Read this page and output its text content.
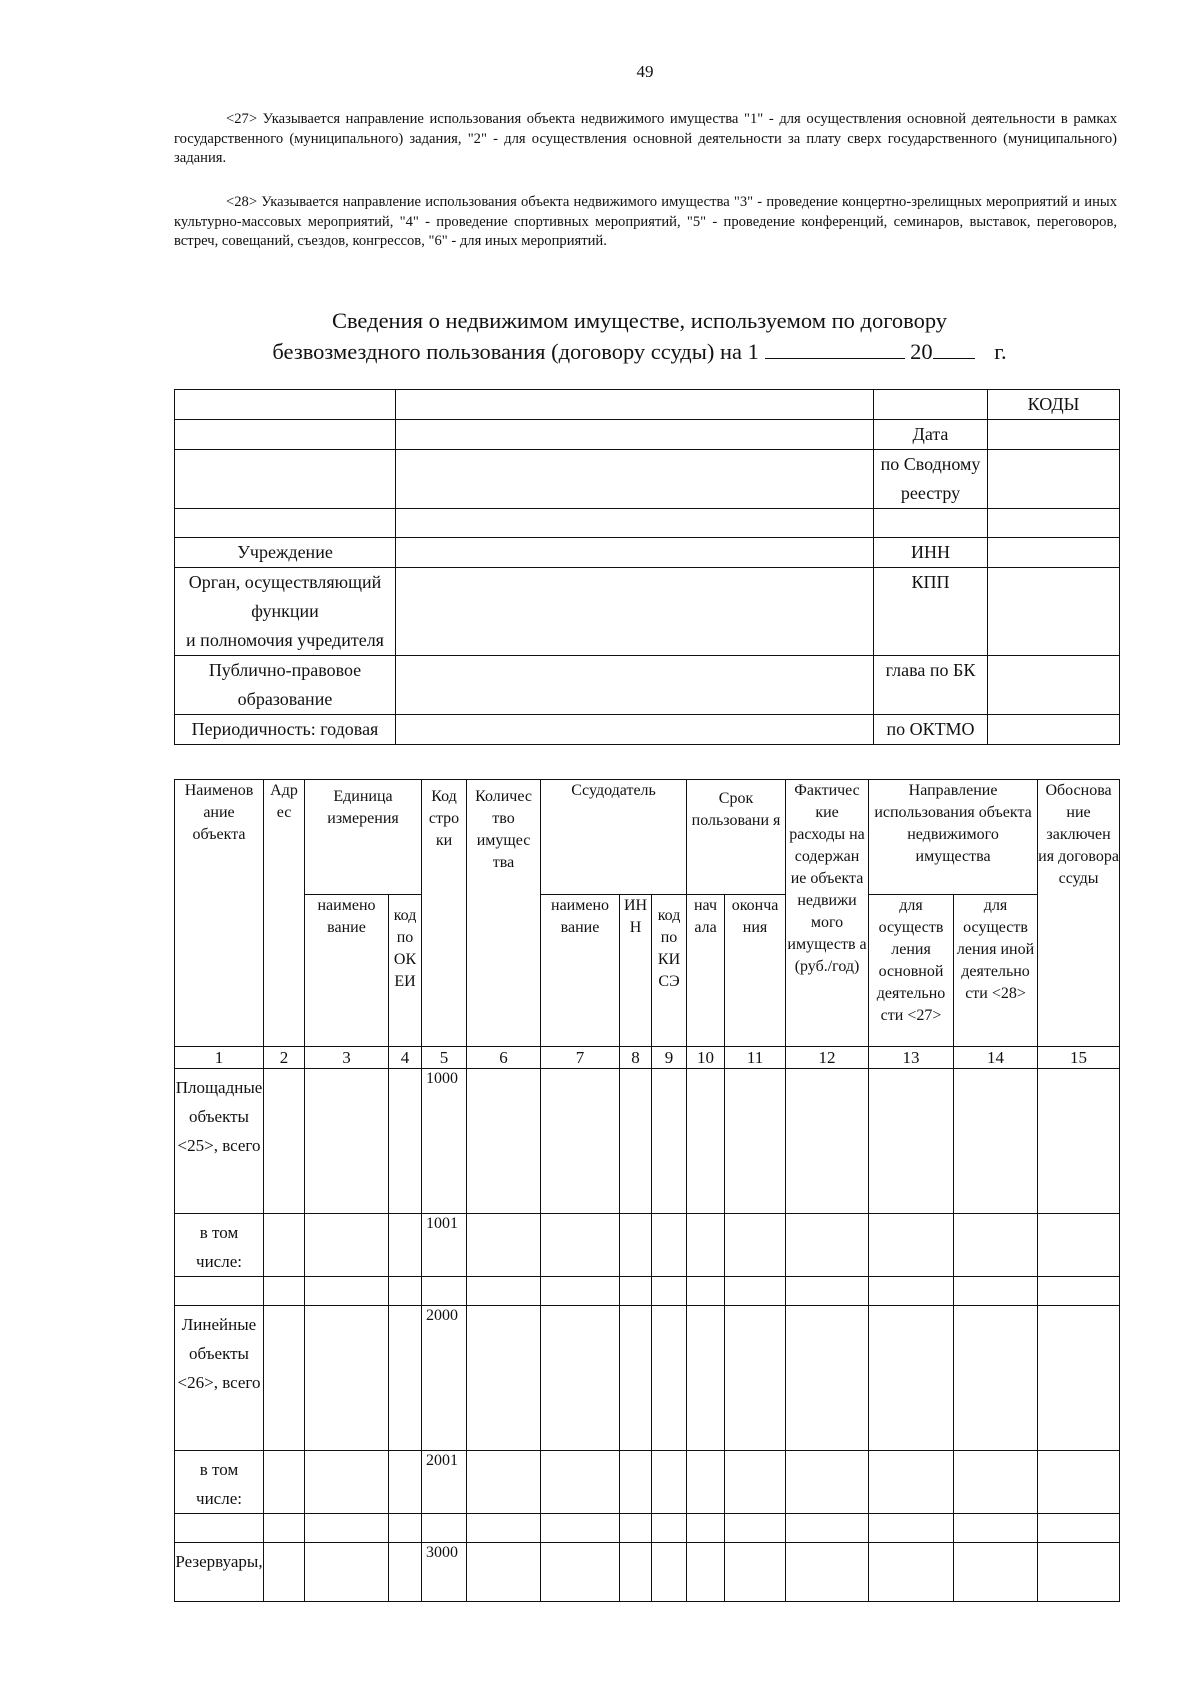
49

<27> Указывается направление использования объекта недвижимого имущества "1" - для осуществления основной деятельности в рамках государственного (муниципального) задания, "2" - для осуществления основной деятельности за плату сверх государственного (муниципального) задания.

<28> Указывается направление использования объекта недвижимого имущества "3" - проведение концертно-зрелищных мероприятий и иных культурно-массовых мероприятий, "4" - проведение спортивных мероприятий, "5" - проведение конференций, семинаров, выставок, переговоров, встреч, совещаний, съездов, конгрессов, "6" - для иных мероприятий.

Сведения о недвижимом имуществе, используемом по договору

безвозмездного пользования (договору ссуды) на 1	20	г.

			КОДЫ
		Дата	

		по Сводному
реестру	

Учреждение		ИНН	

Орган, осуществляющий
функции
и полномочия учредителя		КПП	

Публично-правовое
образование		глава по БК	
Периодичность: годовая		по ОКТМО	
Наименов ание объекта	Адр ес	Единица измерения		Код стро ки	Количес тво имущес тва	Ссудодатель			Срок пользовани я		Фактичес кие расходы на содержан ие объекта недвижи мого имуществ а (руб./год)	Направление использования объекта недвижимого имущества		Обоснова ние заключен ия договора ссуды
		наимено вание	код по ОК ЕИ			наимено вание	ИН Н	код по КИ СЭ	нач ала	оконча ния		для осуществ ления основной деятельно сти <27>	для осуществ ления иной деятельно сти <28>	
1	2	3	4	5	6	7	8	9	10	11	12	13	14	15
Площадные объекты <25>, всего				1000										
в том числе:				1001										

Линейные объекты <26>, всего				2000										
в том числе:				2001										

Резервуары,				3000										
